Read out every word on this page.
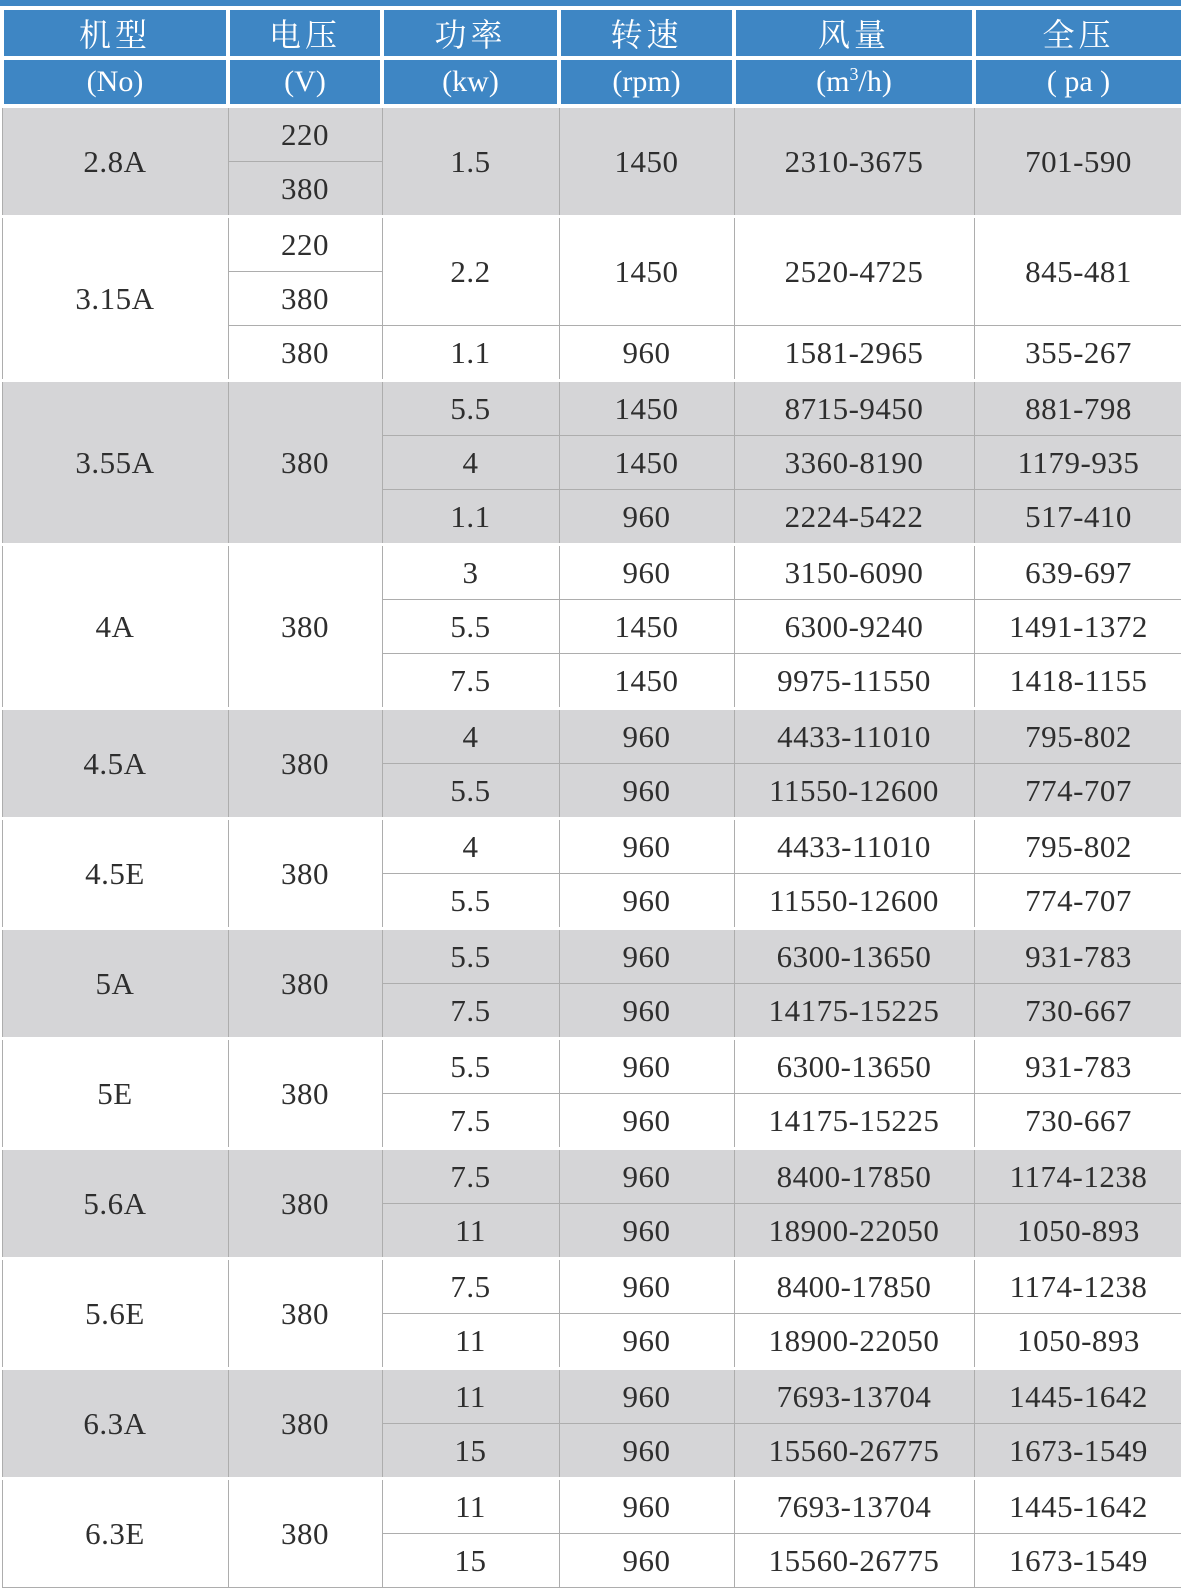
机型	电压	功率	转速	风量	全压
(No)	(V)	(kw)	(rpm)	$(m^3/h)$	( pa )
2.8A	220	1.5	1450	2310-3675	701-590
	380				
3.15A	220	2.2	1450	2520-4725	845-481
	380				
	380	1.1	960	1581-2965	355-267
3.55A	380	5.5	1450	8715-9450	881-798
		4	1450	3360-8190	1179-935
		1.1	960	2224-5422	517-410
4A	380	3	960	3150-6090	639-697
		5.5	1450	6300-9240	1491-1372
		7.5	1450	9975-11550	1418-1155
4.5A	380	4	960	4433-11010	795-802
		5.5	960	11550-12600	774-707
4.5E	380	4	960	4433-11010	795-802
		5.5	960	11550-12600	774-707
5A	380	5.5	960	6300-13650	931-783
		7.5	960	14175-15225	730-667
5E	380	5.5	960	6300-13650	931-783
		7.5	960	14175-15225	730-667
5.6A	380	7.5	960	8400-17850	1174-1238
		11	960	18900-22050	1050-893
5.6E	380	7.5	960	8400-17850	1174-1238
		11	960	18900-22050	1050-893
6.3A	380	11	960	7693-13704	1445-1642
		15	960	15560-26775	1673-1549
6.3E	380	11	960	7693-13704	1445-1642
		15	960	15560-26775	1673-1549
